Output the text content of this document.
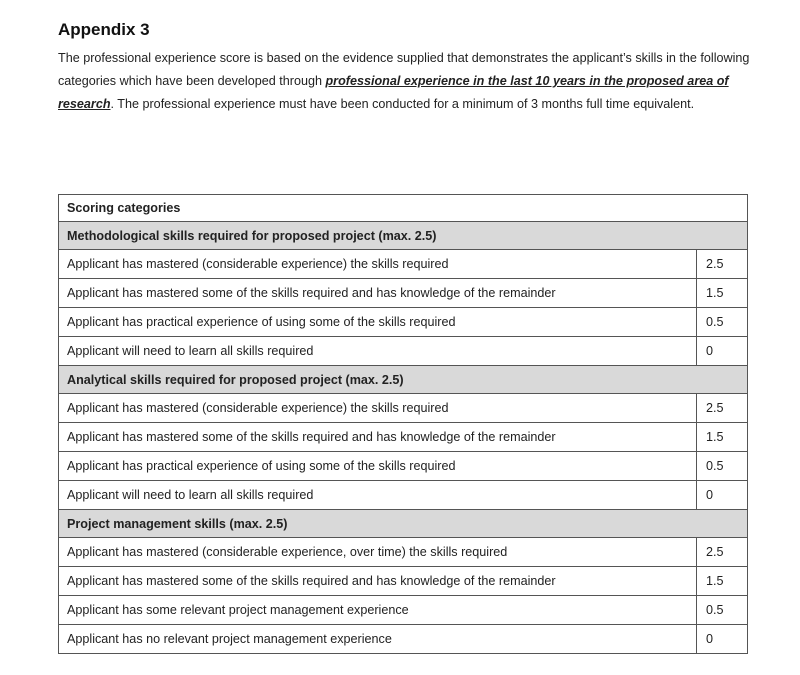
Appendix 3
The professional experience score is based on the evidence supplied that demonstrates the applicant’s skills in the following categories which have been developed through professional experience in the last 10 years in the proposed area of research. The professional experience must have been conducted for a minimum of 3 months full time equivalent.
Scoring categories	
Methodological skills required for proposed project (max. 2.5)	
Applicant has mastered (considerable experience) the skills required	2.5
Applicant has mastered some of the skills required and has knowledge of the remainder	1.5
Applicant has practical experience of using some of the skills required	0.5
Applicant will need to learn all skills required	0
Analytical skills required for proposed project (max. 2.5)	
Applicant has mastered (considerable experience) the skills required	2.5
Applicant has mastered some of the skills required and has knowledge of the remainder	1.5
Applicant has practical experience of using some of the skills required	0.5
Applicant will need to learn all skills required	0
Project management skills (max. 2.5)	
Applicant has mastered (considerable experience, over time) the skills required	2.5
Applicant has mastered some of the skills required and has knowledge of the remainder	1.5
Applicant has some relevant project management experience	0.5
Applicant has no relevant project management experience	0
